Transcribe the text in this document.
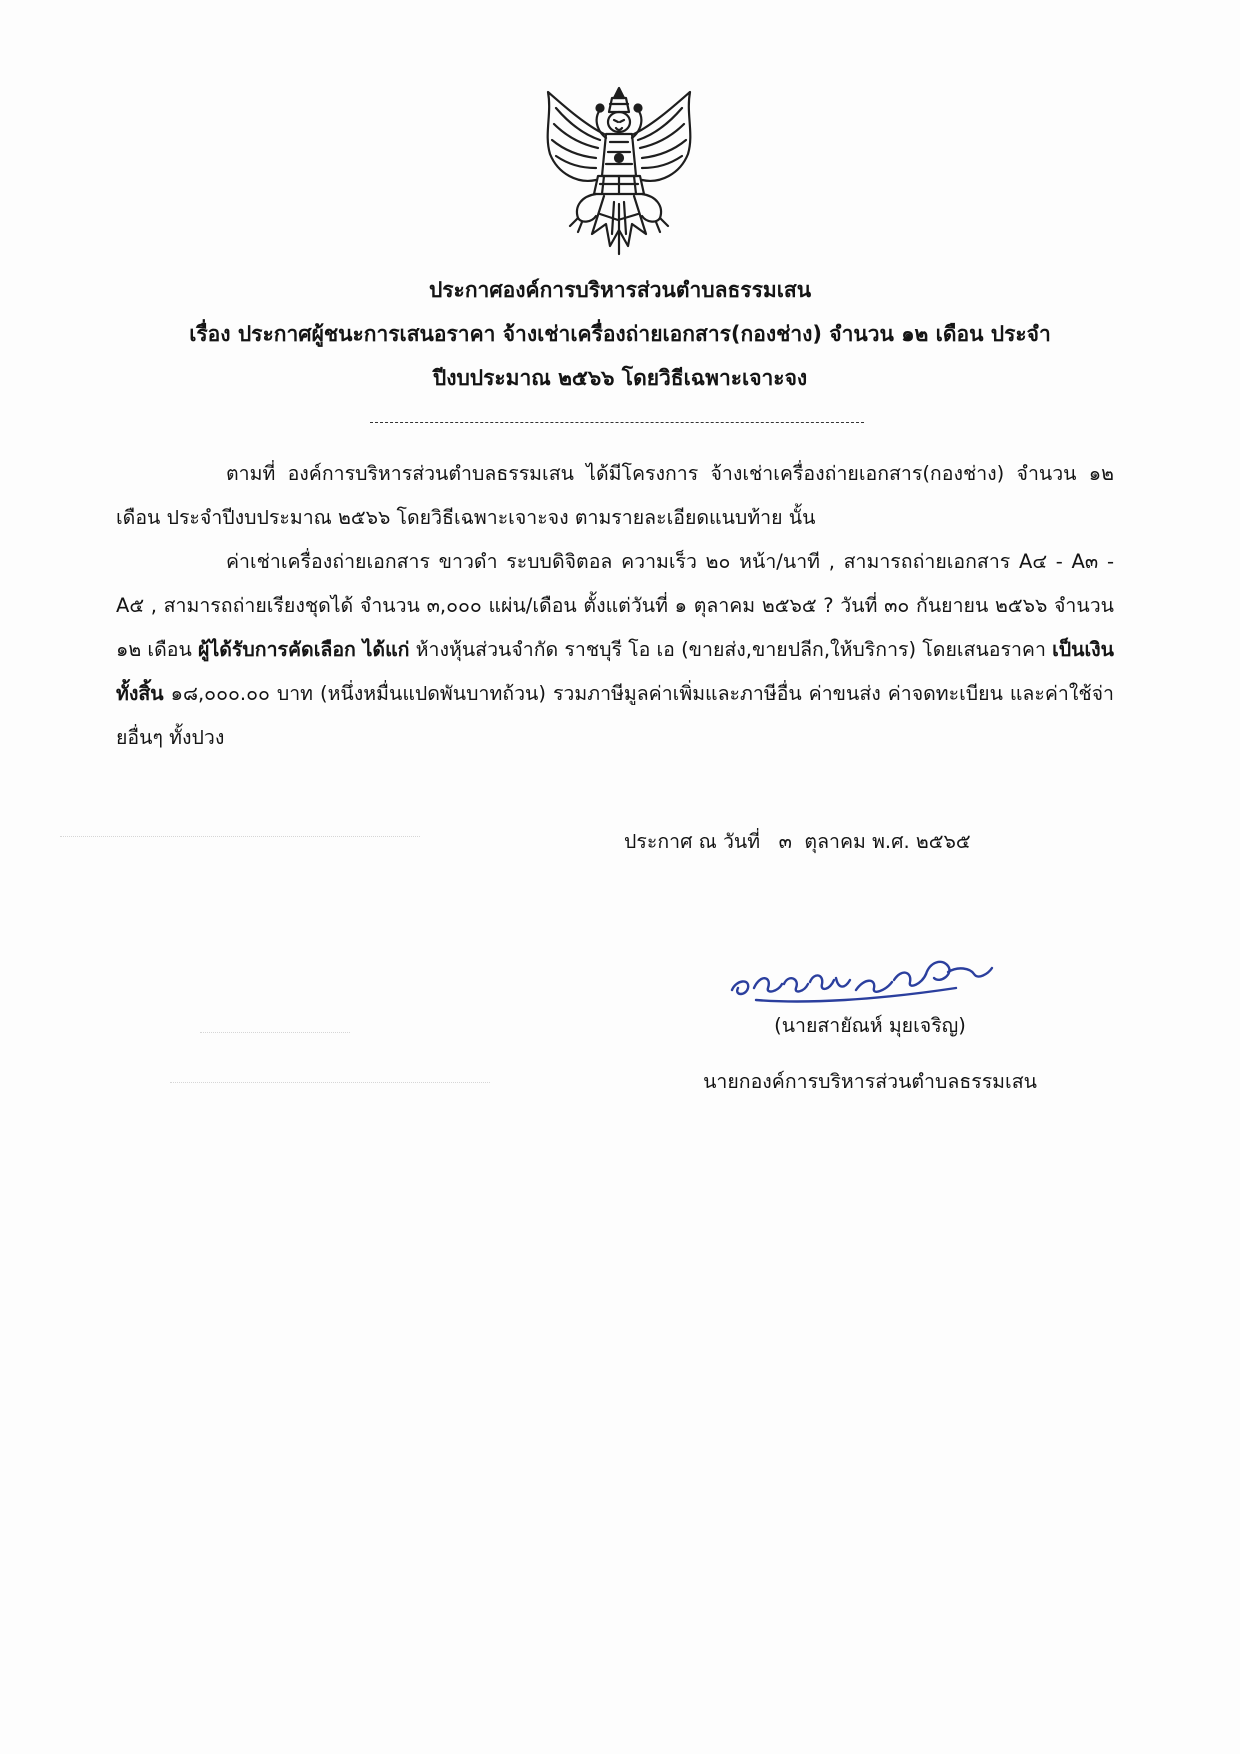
ประกาศองค์การบริหารส่วนตำบลธรรมเสน
เรื่อง ประกาศผู้ชนะการเสนอราคา จ้างเช่าเครื่องถ่ายเอกสาร(กองช่าง) จำนวน ๑๒ เดือน ประจำ
ปีงบประมาณ ๒๕๖๖ โดยวิธีเฉพาะเจาะจง

ตามที่ องค์การบริหารส่วนตำบลธรรมเสน ได้มีโครงการ จ้างเช่าเครื่องถ่ายเอกสาร(กองช่าง) จำนวน ๑๒ เดือน ประจำปีงบประมาณ ๒๕๖๖ โดยวิธีเฉพาะเจาะจง ตามรายละเอียดแนบท้าย นั้น

ค่าเช่าเครื่องถ่ายเอกสาร ขาวดำ ระบบดิจิตอล ความเร็ว ๒๐ หน้า/นาที , สามารถถ่ายเอกสาร A๔ - A๓ - A๕ , สามารถถ่ายเรียงชุดได้ จำนวน ๓,๐๐๐ แผ่น/เดือน ตั้งแต่วันที่ ๑ ตุลาคม ๒๕๖๕ ? วันที่ ๓๐ กันยายน ๒๕๖๖ จำนวน ๑๒ เดือน ผู้ได้รับการคัดเลือก ได้แก่ ห้างหุ้นส่วนจำกัด ราชบุรี โอ เอ (ขายส่ง,ขายปลีก,ให้บริการ) โดยเสนอราคา เป็นเงินทั้งสิ้น ๑๘,๐๐๐.๐๐ บาท (หนึ่งหมื่นแปดพันบาทถ้วน) รวมภาษีมูลค่าเพิ่มและภาษีอื่น ค่าขนส่ง ค่าจดทะเบียน และค่าใช้จ่ายอื่นๆ ทั้งปวง

ประกาศ ณ วันที่   ๓  ตุลาคม พ.ศ. ๒๕๖๕
(นายสายัณห์ มุยเจริญ)
นายกองค์การบริหารส่วนตำบลธรรมเสน
